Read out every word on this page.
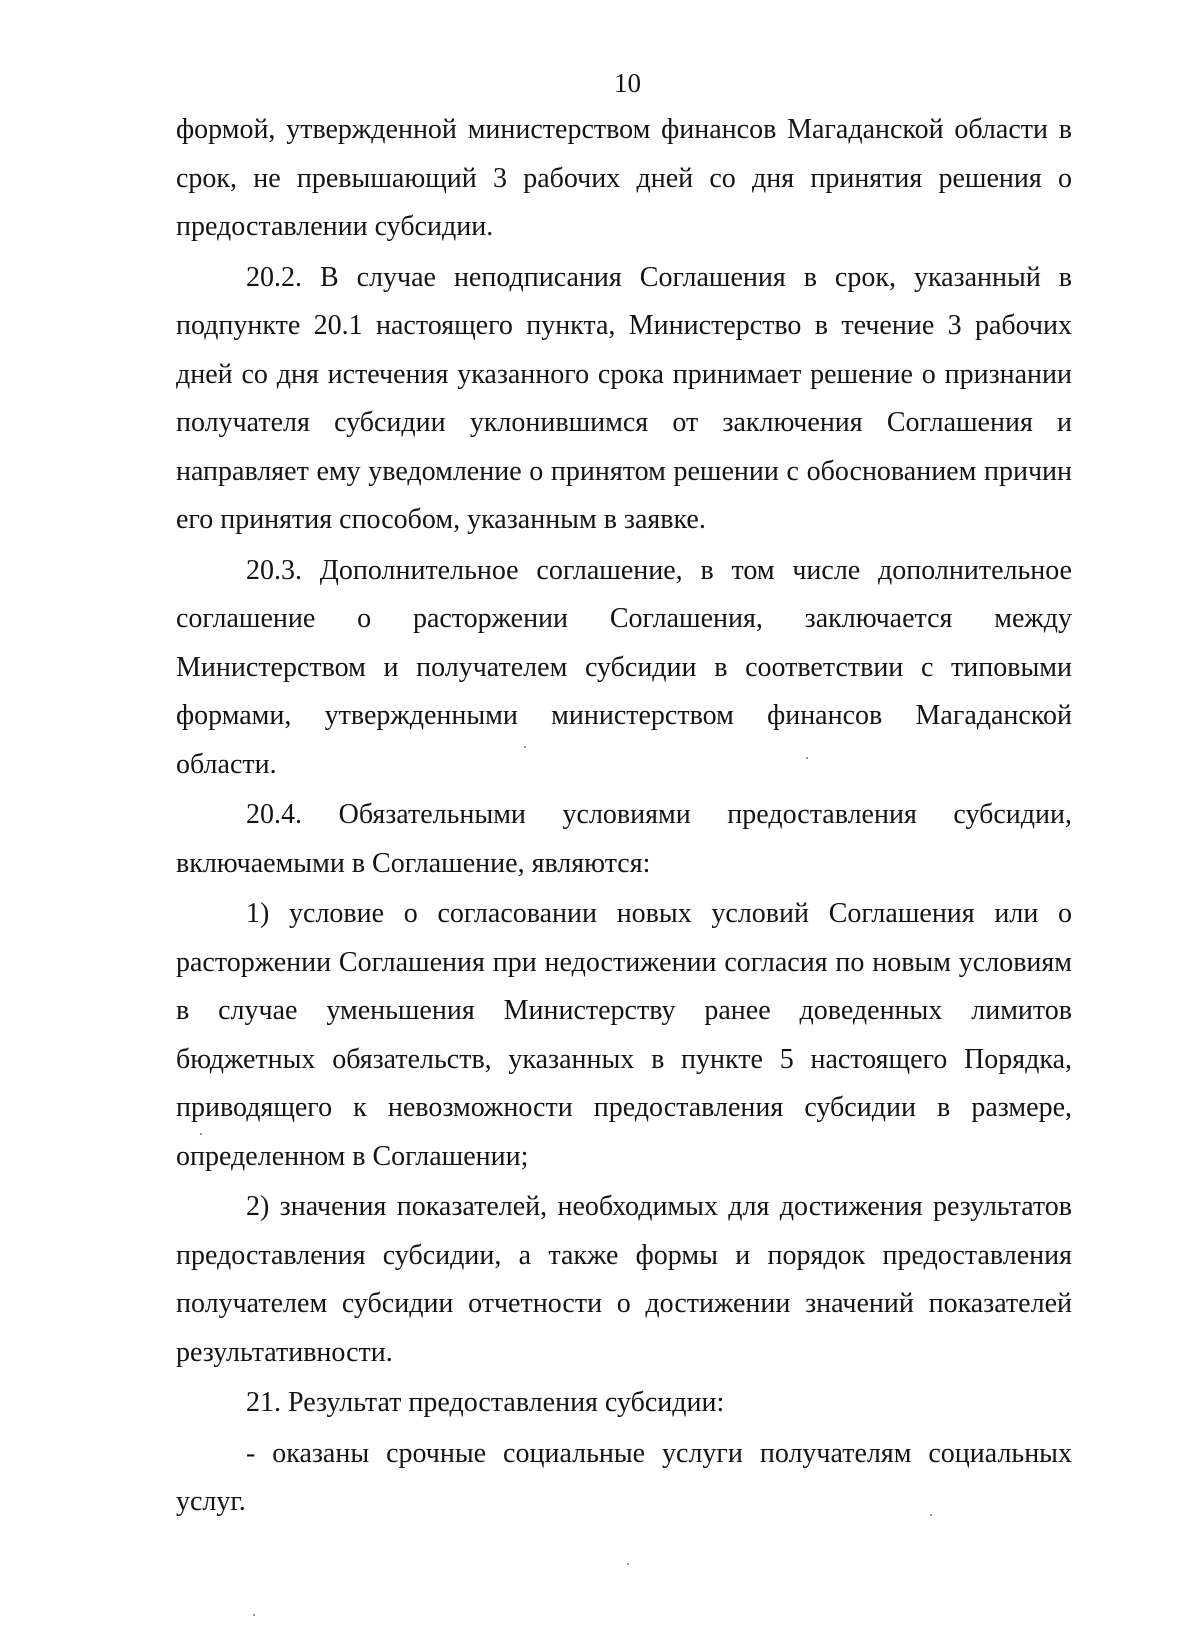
10

формой, утвержденной министерством финансов Магаданской области в срок, не превышающий 3 рабочих дней со дня принятия решения о предоставлении субсидии.

20.2. В случае неподписания Соглашения в срок, указанный в подпункте 20.1 настоящего пункта, Министерство в течение 3 рабочих дней со дня истечения указанного срока принимает решение о признании получателя субсидии уклонившимся от заключения Соглашения и направляет ему уведомление о принятом решении с обоснованием причин его принятия способом, указанным в заявке.

20.3. Дополнительное соглашение, в том числе дополнительное соглашение о расторжении Соглашения, заключается между Министерством и получателем субсидии в соответствии с типовыми формами, утвержденными министерством финансов Магаданской области.

20.4. Обязательными условиями предоставления субсидии, включаемыми в Соглашение, являются:

1) условие о согласовании новых условий Соглашения или о расторжении Соглашения при недостижении согласия по новым условиям в случае уменьшения Министерству ранее доведенных лимитов бюджетных обязательств, указанных в пункте 5 настоящего Порядка, приводящего к невозможности предоставления субсидии в размере, определенном в Соглашении;

2) значения показателей, необходимых для достижения результатов предоставления субсидии, а также формы и порядок предоставления получателем субсидии отчетности о достижении значений показателей результативности.

21. Результат предоставления субсидии:

- оказаны срочные социальные услуги получателям социальных услуг.
